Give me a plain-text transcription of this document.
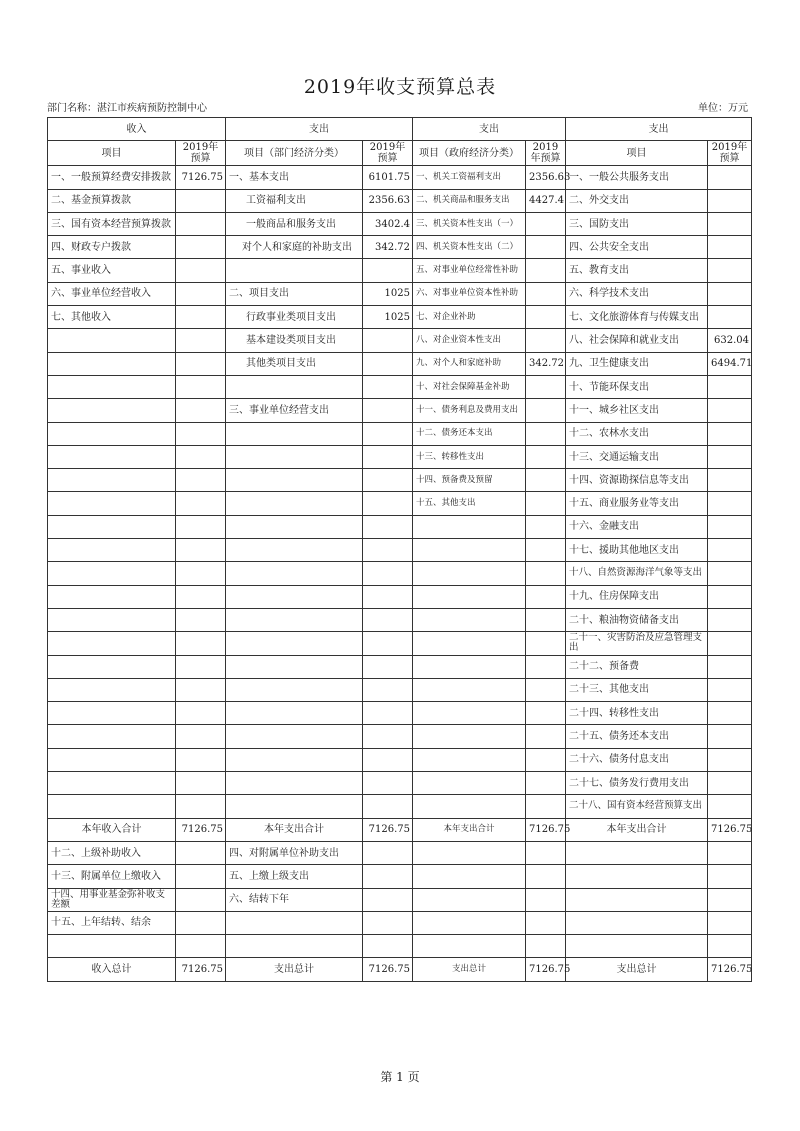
2019年收支预算总表
部门名称：湛江市疾病预防控制中心	单位：万元
收入		支出		支出		支出	
项目	2019年预算	项目（部门经济分类）	2019年预算	项目（政府经济分类）	2019年预算	项目	2019年预算
一、一般预算经费安排拨款	7126.75	一、基本支出	6101.75	一、机关工资福利支出	2356.63	一、一般公共服务支出	
二、基金预算拨款		工资福利支出	2356.63	二、机关商品和服务支出	4427.4	二、外交支出	
三、国有资本经营预算拨款		一般商品和服务支出	3402.4	三、机关资本性支出（一）		三、国防支出	
四、财政专户拨款		对个人和家庭的补助支出	342.72	四、机关资本性支出（二）		四、公共安全支出	
五、事业收入				五、对事业单位经常性补助		五、教育支出	
六、事业单位经营收入		二、项目支出	1025	六、对事业单位资本性补助		六、科学技术支出	
七、其他收入		行政事业类项目支出	1025	七、对企业补助		七、文化旅游体育与传媒支出	
		基本建设类项目支出		八、对企业资本性支出		八、社会保障和就业支出	632.04
		其他类项目支出		九、对个人和家庭补助	342.72	九、卫生健康支出	6494.71
				十、对社会保障基金补助		十、节能环保支出	
		三、事业单位经营支出		十一、债务利息及费用支出		十一、城乡社区支出	
				十二、债务还本支出		十二、农林水支出	
				十三、转移性支出		十三、交通运输支出	
				十四、预备费及预留		十四、资源勘探信息等支出	
				十五、其他支出		十五、商业服务业等支出	
						十六、金融支出	
						十七、援助其他地区支出	
						十八、自然资源海洋气象等支出	
						十九、住房保障支出	
						二十、粮油物资储备支出	
						二十一、灾害防治及应急管理支出	
						二十二、预备费	
						二十三、其他支出	
						二十四、转移性支出	
						二十五、债务还本支出	
						二十六、债务付息支出	
						二十七、债务发行费用支出	
						二十八、国有资本经营预算支出	
本年收入合计	7126.75	本年支出合计	7126.75	本年支出合计	7126.75	本年支出合计	7126.75
十二、上级补助收入		四、对附属单位补助支出					
十三、附属单位上缴收入		五、上缴上级支出					
十四、用事业基金弥补收支差额		六、结转下年					
十五、上年结转、结余							

收入总计	7126.75	支出总计	7126.75	支出总计	7126.75	支出总计	7126.75
第 1 页
